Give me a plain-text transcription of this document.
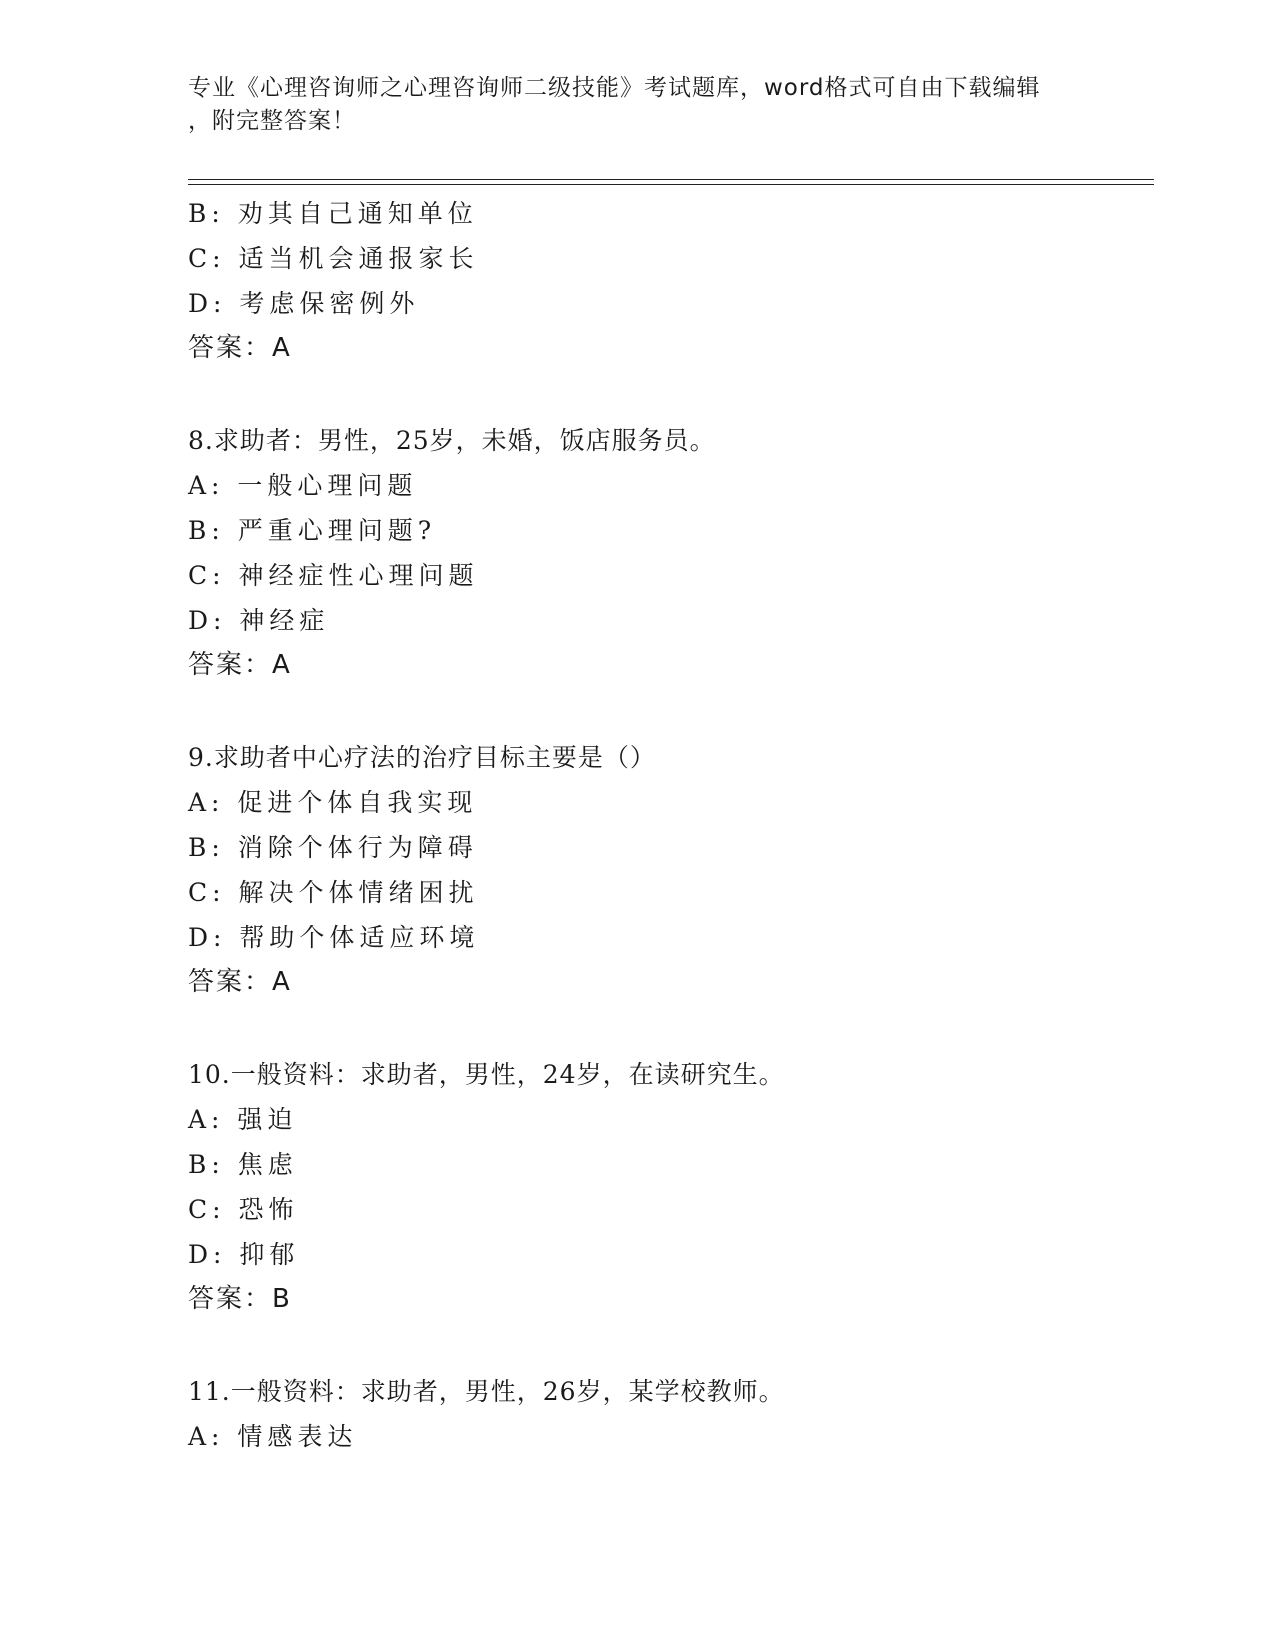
专业《心理咨询师之心理咨询师二级技能》考试题库，word格式可自由下载编辑
，附完整答案！
B: 劝其自己通知单位
C: 适当机会通报家长
D: 考虑保密例外
答案：A
8.求助者：男性，25岁，未婚，饭店服务员。
A: 一般心理问题
B: 严重心理问题?
C: 神经症性心理问题
D: 神经症
答案：A
9.求助者中心疗法的治疗目标主要是（）
A: 促进个体自我实现
B: 消除个体行为障碍
C: 解决个体情绪困扰
D: 帮助个体适应环境
答案：A
10.一般资料：求助者，男性，24岁，在读研究生。
A: 强迫
B: 焦虑
C: 恐怖
D: 抑郁
答案：B
11.一般资料：求助者，男性，26岁，某学校教师。
A: 情感表达
